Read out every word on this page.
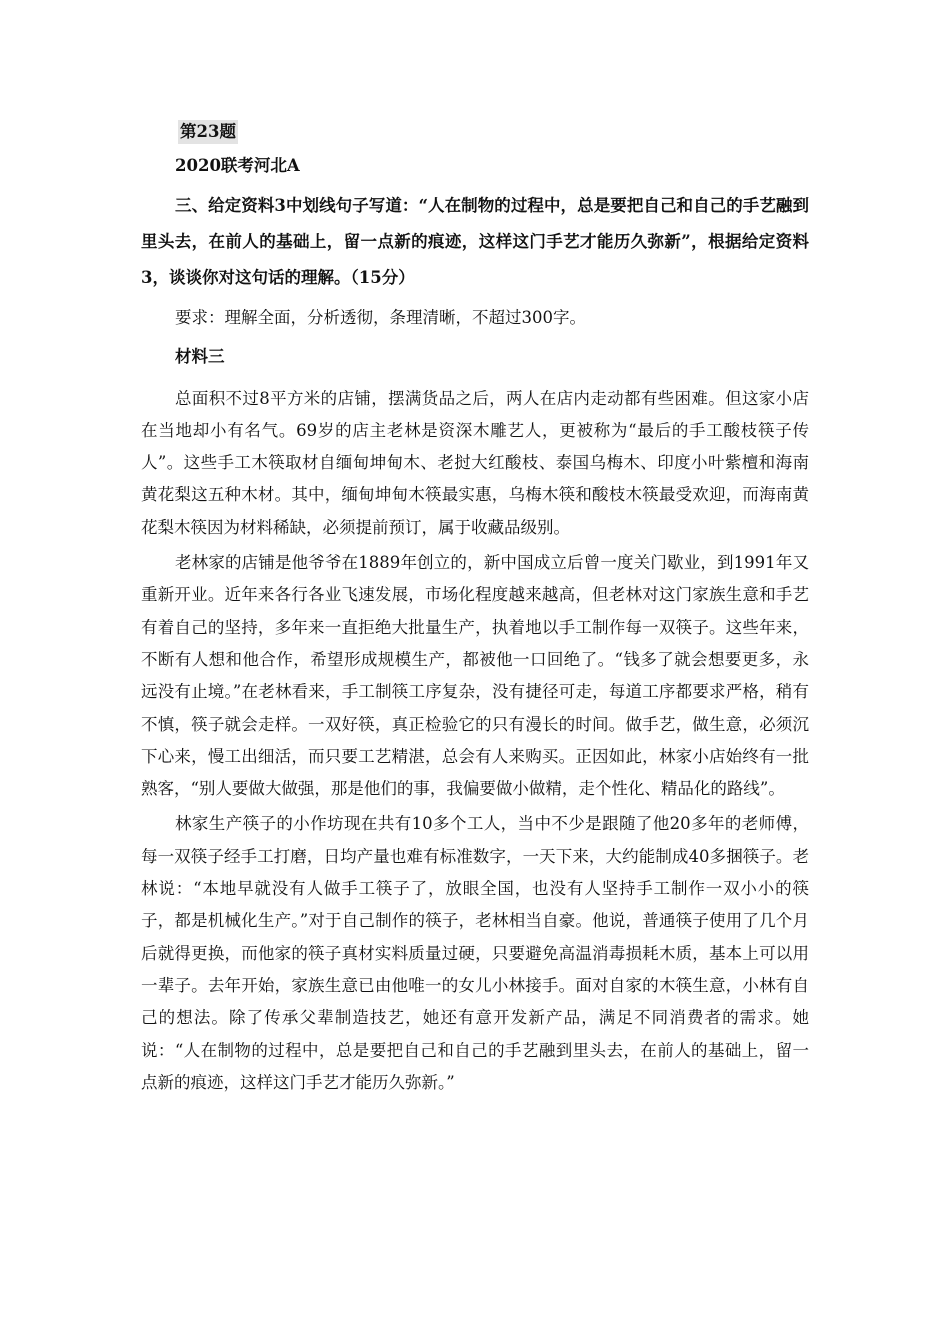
第23题

2020联考河北A

三、给定资料3中划线句子写道：“人在制物的过程中，总是要把自己和自己的手艺融到里头去，在前人的基础上，留一点新的痕迹，这样这门手艺才能历久弥新”，根据给定资料3，谈谈你对这句话的理解。（15分）

要求：理解全面，分析透彻，条理清晰，不超过300字。

材料三

总面积不过8平方米的店铺，摆满货品之后，两人在店内走动都有些困难。但这家小店在当地却小有名气。69岁的店主老林是资深木雕艺人，更被称为“最后的手工酸枝筷子传人”。这些手工木筷取材自缅甸坤甸木、老挝大红酸枝、泰国乌梅木、印度小叶紫檀和海南黄花梨这五种木材。其中，缅甸坤甸木筷最实惠，乌梅木筷和酸枝木筷最受欢迎，而海南黄花梨木筷因为材料稀缺，必须提前预订，属于收藏品级别。

老林家的店铺是他爷爷在1889年创立的，新中国成立后曾一度关门歇业，到1991年又重新开业。近年来各行各业飞速发展，市场化程度越来越高，但老林对这门家族生意和手艺有着自己的坚持，多年来一直拒绝大批量生产，执着地以手工制作每一双筷子。这些年来，不断有人想和他合作，希望形成规模生产，都被他一口回绝了。“钱多了就会想要更多，永远没有止境。”在老林看来，手工制筷工序复杂，没有捷径可走，每道工序都要求严格，稍有不慎，筷子就会走样。一双好筷，真正检验它的只有漫长的时间。做手艺，做生意，必须沉下心来，慢工出细活，而只要工艺精湛，总会有人来购买。正因如此，林家小店始终有一批熟客，“别人要做大做强，那是他们的事，我偏要做小做精，走个性化、精品化的路线”。

林家生产筷子的小作坊现在共有10多个工人，当中不少是跟随了他20多年的老师傅，每一双筷子经手工打磨，日均产量也难有标准数字，一天下来，大约能制成40多捆筷子。老林说：“本地早就没有人做手工筷子了，放眼全国，也没有人坚持手工制作一双小小的筷子，都是机械化生产。”对于自己制作的筷子，老林相当自豪。他说，普通筷子使用了几个月后就得更换，而他家的筷子真材实料质量过硬，只要避免高温消毒损耗木质，基本上可以用一辈子。去年开始，家族生意已由他唯一的女儿小林接手。面对自家的木筷生意，小林有自己的想法。除了传承父辈制造技艺，她还有意开发新产品，满足不同消费者的需求。她说：“人在制物的过程中，总是要把自己和自己的手艺融到里头去，在前人的基础上，留一点新的痕迹，这样这门手艺才能历久弥新。”
